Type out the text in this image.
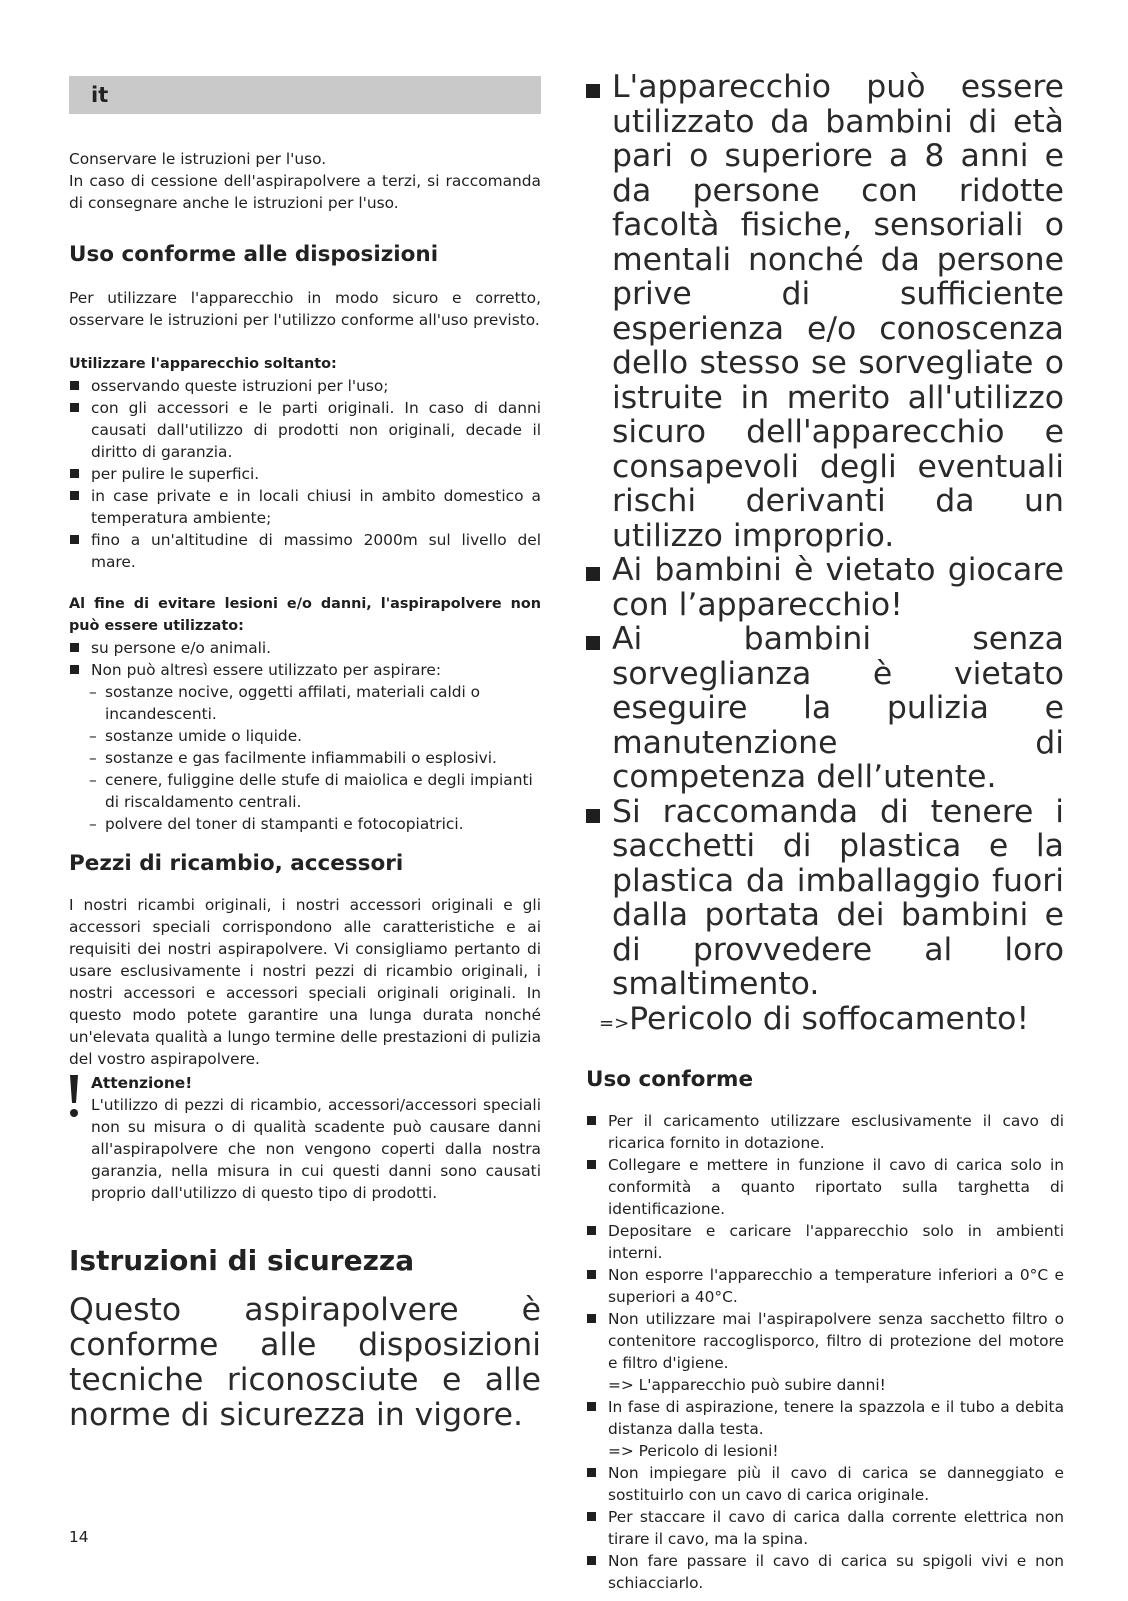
it

Conservare le istruzioni per l'uso.

In caso di cessione dell'aspirapolvere a terzi, si raccomanda di consegnare anche le istruzioni per l'uso.

Uso conforme alle disposizioni

Per utilizzare l'apparecchio in modo sicuro e corretto, osservare le istruzioni per l'utilizzo conforme all'uso previsto.

Utilizzare l'apparecchio soltanto:

osservando queste istruzioni per l'uso;
con gli accessori e le parti originali. In caso di danni causati dall'utilizzo di prodotti non originali, decade il diritto di garanzia.
per pulire le superfici.
in case private e in locali chiusi in ambito domestico a temperatura ambiente;
fino a un'altitudine di massimo 2000m sul livello del mare.

Al fine di evitare lesioni e/o danni, l'aspirapolvere non può essere utilizzato:

su persone e/o animali.
Non può altresì essere utilizzato per aspirare:
– sostanze nocive, oggetti affilati, materiali caldi o incandescenti.
– sostanze umide o liquide.
– sostanze e gas facilmente infiammabili o esplosivi.
– cenere, fuliggine delle stufe di maiolica e degli impianti di riscaldamento centrali.
– polvere del toner di stampanti e fotocopiatrici.
Pezzi di ricambio, accessori

I nostri ricambi originali, i nostri accessori originali e gli accessori speciali corrispondono alle caratteristiche e ai requisiti dei nostri aspirapolvere. Vi consigliamo pertanto di usare esclusivamente i nostri pezzi di ricambio originali, i nostri accessori e accessori speciali originali originali. In questo modo potete garantire una lunga durata nonché un'elevata qualità a lungo termine delle prestazioni di pulizia del vostro aspirapolvere.

Attenzione!

L'utilizzo di pezzi di ricambio, accessori/accessori speciali non su misura o di qualità scadente può causare danni all'aspirapolvere che non vengono coperti dalla nostra garanzia, nella misura in cui questi danni sono causati proprio dall'utilizzo di questo tipo di prodotti.

Istruzioni di sicurezza

Questo aspirapolvere è conforme alle disposizioni tecniche riconosciute e alle norme di sicurezza in vigore.

14
L'apparecchio può essere utilizzato da bambini di età pari o superiore a 8 anni e da persone con ridotte facoltà fisiche, sensoriali o mentali nonché da persone prive di sufficiente esperienza e/o conoscenza dello stesso se sorvegliate o istruite in merito all'utilizzo sicuro dell'apparecchio e consapevoli degli eventuali rischi derivanti da un utilizzo improprio.
Ai bambini è vietato giocare con l’apparecchio!
Ai bambini senza sorveglianza è vietato eseguire la pulizia e manutenzione di competenza dell’utente.
Si raccomanda di tenere i sacchetti di plastica e la plastica da imballaggio fuori dalla portata dei bambini e di provvedere al loro smaltimento.
=>Pericolo di soffocamento!
Uso conforme
Per il caricamento utilizzare esclusivamente il cavo di ricarica fornito in dotazione.
Collegare e mettere in funzione il cavo di carica solo in conformità a quanto riportato sulla targhetta di identificazione.
Depositare e caricare l'apparecchio solo in ambienti interni.
Non esporre l'apparecchio a temperature inferiori a 0°C e superiori a 40°C.
Non utilizzare mai l'aspirapolvere senza sacchetto filtro o contenitore raccoglisporco, filtro di protezione del motore e filtro d'igiene.

=> L'apparecchio può subire danni!

In fase di aspirazione, tenere la spazzola e il tubo a debita distanza dalla testa.

=> Pericolo di lesioni!

Non impiegare più il cavo di carica se danneggiato e sostituirlo con un cavo di carica originale.
Per staccare il cavo di carica dalla corrente elettrica non tirare il cavo, ma la spina.
Non fare passare il cavo di carica su spigoli vivi e non schiacciarlo.
